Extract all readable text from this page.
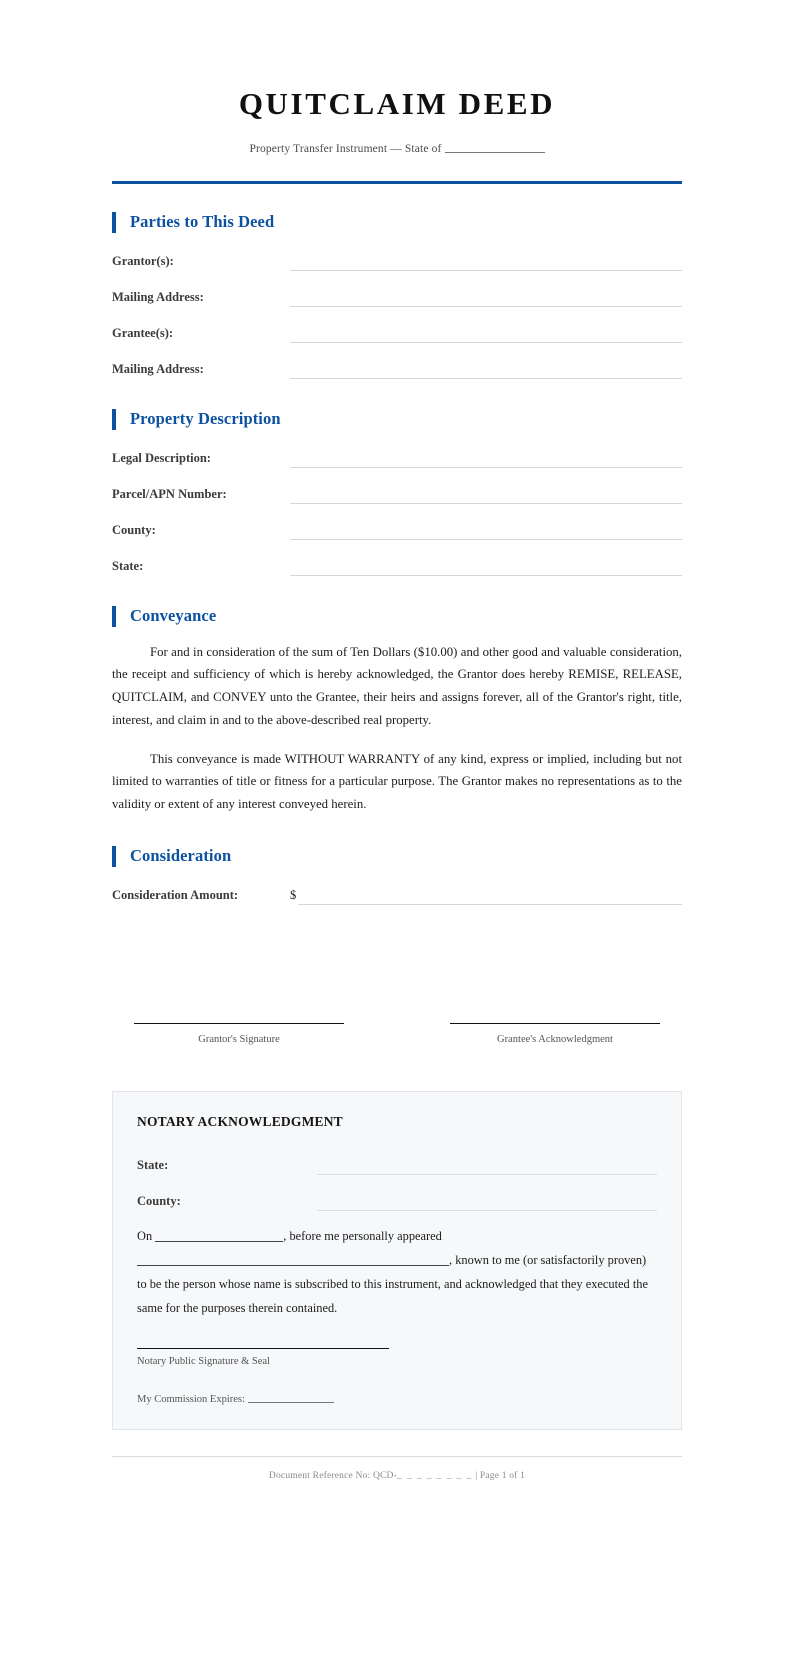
QUITCLAIM DEED
Property Transfer Instrument — State of
Parties to This Deed
Grantor(s):
Mailing Address:
Grantee(s):
Mailing Address:
Property Description
Legal Description:
Parcel/APN Number:
County:
State:
Conveyance

For and in consideration of the sum of Ten Dollars ($10.00) and other good and valuable consideration, the receipt and sufficiency of which is hereby acknowledged, the Grantor does hereby REMISE, RELEASE, QUITCLAIM, and CONVEY unto the Grantee, their heirs and assigns forever, all of the Grantor's right, title, interest, and claim in and to the above-described real property.

This conveyance is made WITHOUT WARRANTY of any kind, express or implied, including but not limited to warranties of title or fitness for a particular purpose. The Grantor makes no representations as to the validity or extent of any interest conveyed herein.

Consideration
Consideration Amount:	$
Grantor's Signature	Grantee's Acknowledgment
NOTARY ACKNOWLEDGMENT
State:
County:

On	, before me personally appeared , known to me (or satisfactorily proven) to be the person whose name is subscribed to this instrument, and acknowledged that they executed the same for the purposes therein contained.

Notary Public Signature & Seal
My Commission Expires:
Document Reference No: QCD-_ _ _ _ _ _ _ _ | Page 1 of 1
